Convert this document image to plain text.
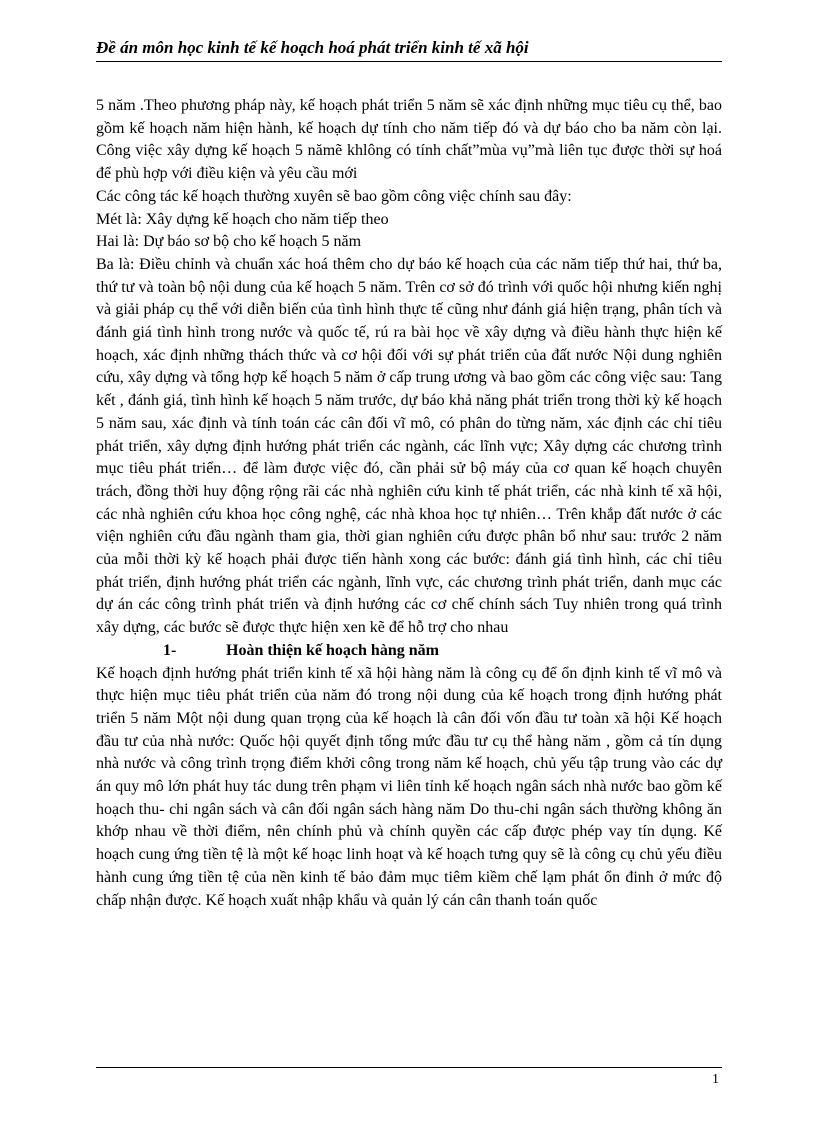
Đề án môn học kinh tế kế hoạch hoá phát triển kinh tế xã hội

5 năm .Theo phương pháp này, kế hoạch phát triển 5 năm sẽ xác định những mục tiêu cụ thể, bao gồm kế hoạch năm hiện hành, kế hoạch dự tính cho năm tiếp đó và dự báo cho ba năm còn lại. Công việc xây dựng kế hoạch 5 nămẽ khlông có tính chất”mùa vụ”mà liên tục được thời sự hoá để phù hợp với điều kiện và yêu cầu mới

Các công tác kế hoạch thường xuyên sẽ bao gồm công việc chính sau đây:

Mét là: Xây dựng kế hoạch cho năm tiếp theo

Hai là: Dự báo sơ bộ cho kế hoạch 5 năm

Ba là: Điều chỉnh và chuẩn xác hoá thêm cho dự báo kế hoạch của các năm tiếp thứ hai, thứ ba, thứ tư và toàn bộ nội dung của kế hoạch 5 năm. Trên cơ sở đó trình với quốc hội nhưng kiến nghị và giải pháp cụ thể với diễn biến của tình hình thực tế cũng như đánh giá hiện trạng, phân tích và đánh giá tình hình trong nước và quốc tế, rú ra bài học về xây dựng và điều hành thực hiện kế hoạch, xác định những thách thức và cơ hội đối với sự phát triển của đất nước Nội dung nghiên cứu, xây dựng và tổng hợp kế hoạch 5 năm ở cấp trung ương và bao gồm các công việc sau: Tang kết , đánh giá, tình hình kế hoạch 5 năm trước, dự báo khả năng phát triển trong thời kỳ kế hoạch 5 năm sau, xác định và tính toán các cân đối vĩ mô, có phân do từng năm, xác định các chỉ tiêu phát triển, xây dựng định hướng phát triển các ngành, các lĩnh vực; Xây dựng các chương trình mục tiêu phát triển… để làm được việc đó, cần phải sử bộ máy của cơ quan kế hoạch chuyên trách, đồng thời huy động rộng rãi các nhà nghiên cứu kinh tế phát triển, các nhà kinh tế xã hội, các nhà nghiên cứu khoa học công nghệ, các nhà khoa học tự nhiên… Trên khắp đất nước ở các viện nghiên cứu đầu ngành tham gia, thời gian nghiên cứu được phân bổ như sau: trước 2 năm của mỗi thời kỳ kế hoạch phải được tiến hành xong các bước: đánh giá tình hình, các chỉ tiêu phát triển, định hướng phát triển các ngành, lĩnh vực, các chương trình phát triển, danh mục các dự án các công trình phát triển và định hướng các cơ chế chính sách Tuy nhiên trong quá trình xây dựng, các bước sẽ được thực hiện xen kẽ để hỗ trợ cho nhau

1-	Hoàn thiện kế hoạch hàng năm

Kế hoạch định hướng phát triển kinh tế xã hội hàng năm là công cụ để ổn định kinh tế vĩ mô và thực hiện mục tiêu phát triển của năm đó trong nội dung của kế hoạch trong định hướng phát triển 5 năm Một nội dung quan trọng của kế hoạch là cân đối vốn đầu tư toàn xã hội Kế hoạch đầu tư của nhà nước: Quốc hội quyết định tổng mức đầu tư cụ thể hàng năm , gồm cả tín dụng nhà nước và công trình trọng điểm khởi công trong năm kế hoạch, chủ yếu tập trung vào các dự án quy mô lớn phát huy tác dung trên phạm vi liên tỉnh kế hoạch ngân sách nhà nước bao gồm kế hoạch thu- chi ngân sách và cân đối ngân sách hàng năm Do thu-chi ngân sách thường không ăn khớp nhau về thời điểm, nên chính phủ và chính quyền các cấp được phép vay tín dụng. Kế hoạch cung ứng tiền tệ là một kế hoạc linh hoạt và kế hoạch tưng quy sẽ là công cụ chủ yếu điều hành cung ứng tiền tệ của nền kinh tế bảo đảm mục tiêm kiềm chế lạm phát ổn đinh ở mức độ chấp nhận được. Kế hoạch xuất nhập khẩu và quản lý cán cân thanh toán quốc

1
